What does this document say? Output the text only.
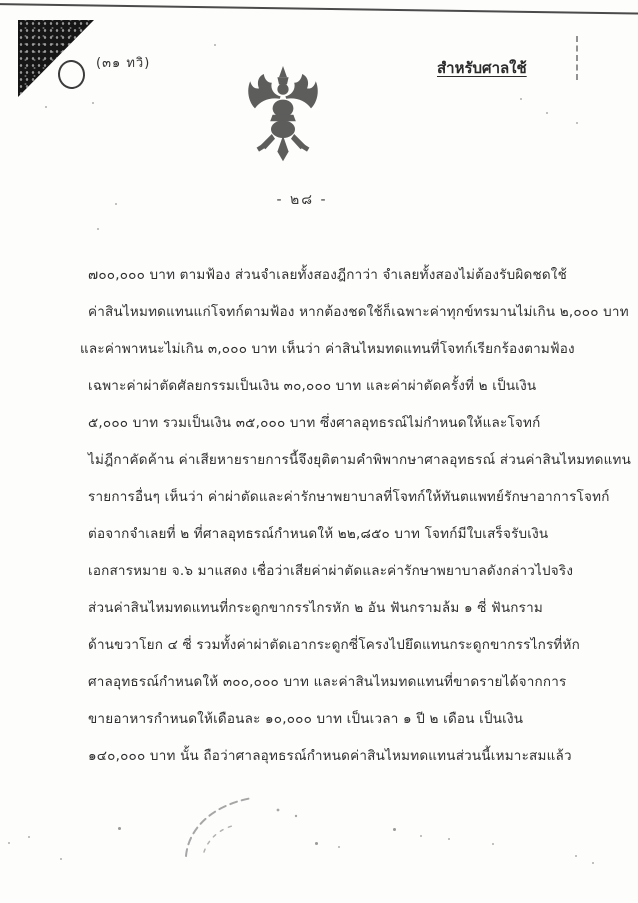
(๓๑ ทวิ)	สำหรับศาลใช้
- ๒๘ -
๗๐๐,๐๐๐ บาท ตามฟ้อง ส่วนจำเลยทั้งสองฎีกาว่า จำเลยทั้งสองไม่ต้องรับผิดชดใช้
ค่าสินไหมทดแทนแก่โจทก์ตามฟ้อง หากต้องชดใช้ก็เฉพาะค่าทุกข์ทรมานไม่เกิน ๒,๐๐๐ บาท
และค่าพาหนะไม่เกิน ๓,๐๐๐ บาท เห็นว่า ค่าสินไหมทดแทนที่โจทก์เรียกร้องตามฟ้อง
เฉพาะค่าผ่าตัดศัลยกรรมเป็นเงิน ๓๐,๐๐๐ บาท และค่าผ่าตัดครั้งที่ ๒ เป็นเงิน
๕,๐๐๐ บาท รวมเป็นเงิน ๓๕,๐๐๐ บาท ซึ่งศาลอุทธรณ์ไม่กำหนดให้และโจทก์
ไม่ฎีกาคัดค้าน ค่าเสียหายรายการนี้จึงยุติตามคำพิพากษาศาลอุทธรณ์ ส่วนค่าสินไหมทดแทน
รายการอื่นๆ เห็นว่า ค่าผ่าตัดและค่ารักษาพยาบาลที่โจทก์ให้ทันตแพทย์รักษาอาการโจทก์
ต่อจากจำเลยที่ ๒ ที่ศาลอุทธรณ์กำหนดให้ ๒๒,๘๕๐ บาท โจทก์มีใบเสร็จรับเงิน
เอกสารหมาย จ.๖ มาแสดง เชื่อว่าเสียค่าผ่าตัดและค่ารักษาพยาบาลดังกล่าวไปจริง
ส่วนค่าสินไหมทดแทนที่กระดูกขากรรไกรหัก ๒ อัน ฟันกรามล้ม ๑ ซี่ ฟันกราม
ด้านขวาโยก ๔ ซี่ รวมทั้งค่าผ่าตัดเอากระดูกซี่โครงไปยึดแทนกระดูกขากรรไกรที่หัก
ศาลอุทธรณ์กำหนดให้ ๓๐๐,๐๐๐ บาท และค่าสินไหมทดแทนที่ขาดรายได้จากการ
ขายอาหารกำหนดให้เดือนละ ๑๐,๐๐๐ บาท เป็นเวลา ๑ ปี ๒ เดือน เป็นเงิน
๑๔๐,๐๐๐ บาท นั้น ถือว่าศาลอุทธรณ์กำหนดค่าสินไหมทดแทนส่วนนี้เหมาะสมแล้ว
